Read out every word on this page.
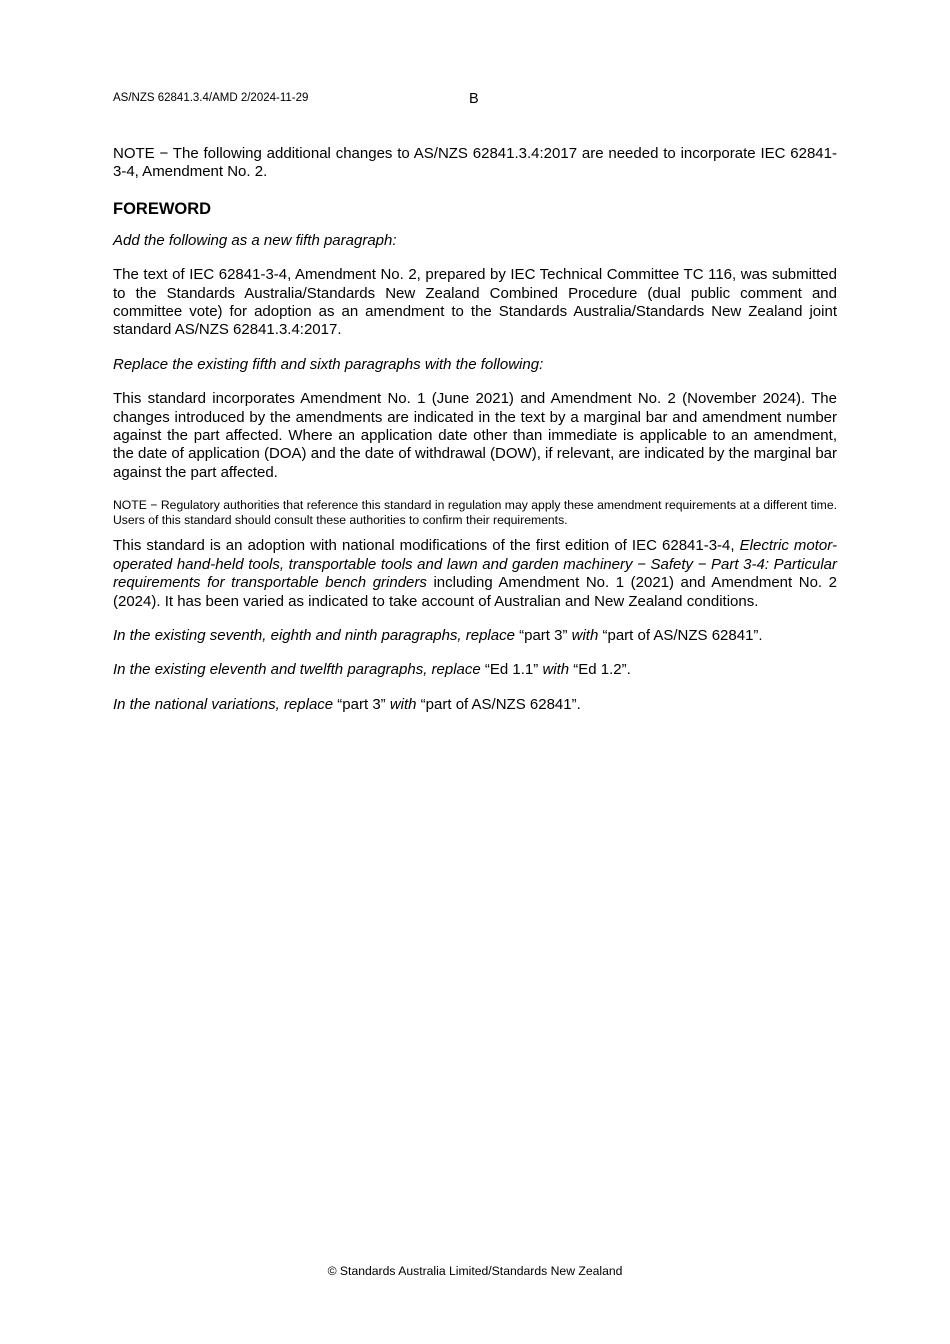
AS/NZS 62841.3.4/AMD 2/2024-11-29	B

NOTE − The following additional changes to AS/NZS 62841.3.4:2017 are needed to incorporate IEC 62841-3-4, Amendment No. 2.

FOREWORD

Add the following as a new fifth paragraph:

The text of IEC 62841-3-4, Amendment No. 2, prepared by IEC Technical Committee TC 116, was submitted to the Standards Australia/Standards New Zealand Combined Procedure (dual public comment and committee vote) for adoption as an amendment to the Standards Australia/Standards New Zealand joint standard AS/NZS 62841.3.4:2017.

Replace the existing fifth and sixth paragraphs with the following:

This standard incorporates Amendment No. 1 (June 2021) and Amendment No. 2 (November 2024). The changes introduced by the amendments are indicated in the text by a marginal bar and amendment number against the part affected. Where an application date other than immediate is applicable to an amendment, the date of application (DOA) and the date of withdrawal (DOW), if relevant, are indicated by the marginal bar against the part affected.

NOTE − Regulatory authorities that reference this standard in regulation may apply these amendment requirements at a different time. Users of this standard should consult these authorities to confirm their requirements.

This standard is an adoption with national modifications of the first edition of IEC 62841-3-4, Electric motor-operated hand-held tools, transportable tools and lawn and garden machinery − Safety − Part 3-4: Particular requirements for transportable bench grinders including Amendment No. 1 (2021) and Amendment No. 2 (2024). It has been varied as indicated to take account of Australian and New Zealand conditions.

In the existing seventh, eighth and ninth paragraphs, replace “part 3” with “part of AS/NZS 62841”.

In the existing eleventh and twelfth paragraphs, replace “Ed 1.1” with “Ed 1.2”.

In the national variations, replace “part 3” with “part of AS/NZS 62841”.

© Standards Australia Limited/Standards New Zealand
